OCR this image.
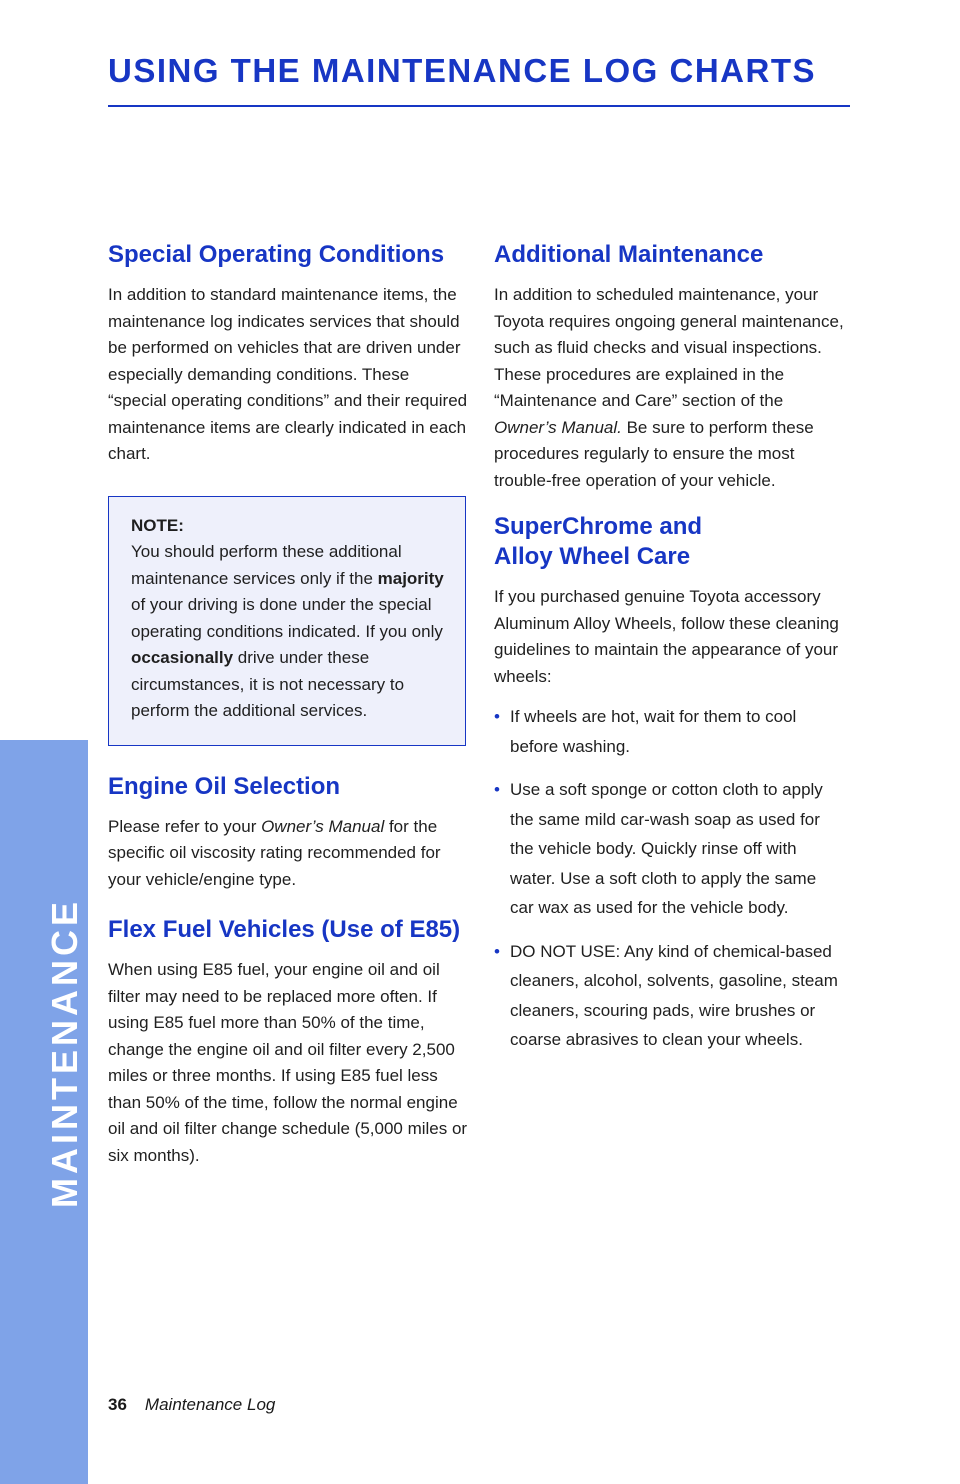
USING THE MAINTENANCE LOG CHARTS
MAINTENANCE
Special Operating Conditions

In addition to standard maintenance items, the maintenance log indicates services that should be performed on vehicles that are driven under especially demanding conditions. These “special operating conditions” and their required maintenance items are clearly indicated in each chart.

NOTE:
You should perform these additional maintenance services only if the majority of your driving is done under the special operating conditions indicated. If you only occasionally drive under these circumstances, it is not necessary to perform the additional services.

Engine Oil Selection

Please refer to your Owner’s Manual for the specific oil viscosity rating recommended for your vehicle/engine type.

Flex Fuel Vehicles (Use of E85)

When using E85 fuel, your engine oil and oil filter may need to be replaced more often. If using E85 fuel more than 50% of the time, change the engine oil and oil filter every 2,500 miles or three months. If using E85 fuel less than 50% of the time, follow the normal engine oil and oil filter change schedule (5,000 miles or six months).

Additional Maintenance

In addition to scheduled maintenance, your Toyota requires ongoing general maintenance, such as fluid checks and visual inspections. These procedures are explained in the “Maintenance and Care” section of the Owner’s Manual. Be sure to perform these procedures regularly to ensure the most trouble-free operation of your vehicle.

SuperChrome and
Alloy Wheel Care

If you purchased genuine Toyota accessory Aluminum Alloy Wheels, follow these cleaning guidelines to maintain the appearance of your wheels:

• If wheels are hot, wait for them to cool before washing.
• Use a soft sponge or cotton cloth to apply the same mild car-wash soap as used for the vehicle body. Quickly rinse off with water. Use a soft cloth to apply the same car wax as used for the vehicle body.
• DO NOT USE: Any kind of chemical-based cleaners, alcohol, solvents, gasoline, steam cleaners, scouring pads, wire brushes or coarse abrasives to clean your wheels.
36 Maintenance Log
